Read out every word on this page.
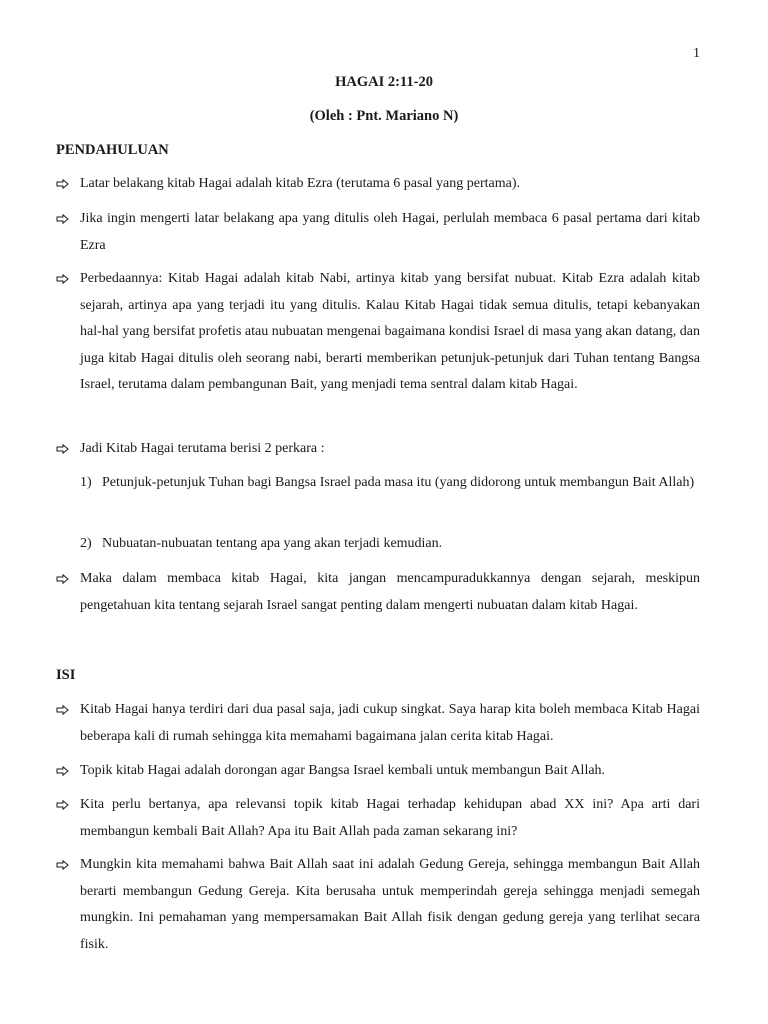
1
HAGAI 2:11-20
(Oleh : Pnt. Mariano N)
PENDAHULUAN
Latar belakang kitab Hagai adalah kitab Ezra (terutama 6 pasal yang pertama).
Jika ingin mengerti latar belakang apa yang ditulis oleh Hagai, perlulah membaca 6 pasal pertama dari kitab Ezra
Perbedaannya: Kitab Hagai adalah kitab Nabi, artinya kitab yang bersifat nubuat. Kitab Ezra adalah kitab sejarah, artinya apa yang terjadi itu yang ditulis. Kalau Kitab Hagai tidak semua ditulis, tetapi kebanyakan hal-hal yang bersifat profetis atau nubuatan mengenai bagaimana kondisi Israel di masa yang akan datang, dan juga kitab Hagai ditulis oleh seorang nabi, berarti memberikan petunjuk-petunjuk dari Tuhan tentang Bangsa Israel, terutama dalam pembangunan Bait, yang menjadi tema sentral dalam kitab Hagai.
Jadi Kitab Hagai terutama berisi 2 perkara :
1) Petunjuk-petunjuk Tuhan bagi Bangsa Israel pada masa itu (yang didorong untuk membangun Bait Allah)
2) Nubuatan-nubuatan tentang apa yang akan terjadi kemudian.
Maka dalam membaca kitab Hagai, kita jangan mencampuradukkannya dengan sejarah, meskipun pengetahuan kita tentang sejarah Israel sangat penting dalam mengerti nubuatan dalam kitab Hagai.
ISI
Kitab Hagai hanya terdiri dari dua pasal saja, jadi cukup singkat. Saya harap kita boleh membaca Kitab Hagai beberapa kali di rumah sehingga kita memahami bagaimana jalan cerita kitab Hagai.
Topik kitab Hagai adalah dorongan agar Bangsa Israel kembali untuk membangun Bait Allah.
Kita perlu bertanya, apa relevansi topik kitab Hagai terhadap kehidupan abad XX ini? Apa arti dari membangun kembali Bait Allah? Apa itu Bait Allah pada zaman sekarang ini?
Mungkin kita memahami bahwa Bait Allah saat ini adalah Gedung Gereja, sehingga membangun Bait Allah berarti membangun Gedung Gereja. Kita berusaha untuk memperindah gereja sehingga menjadi semegah mungkin. Ini pemahaman yang mempersamakan Bait Allah fisik dengan gedung gereja yang terlihat secara fisik.
